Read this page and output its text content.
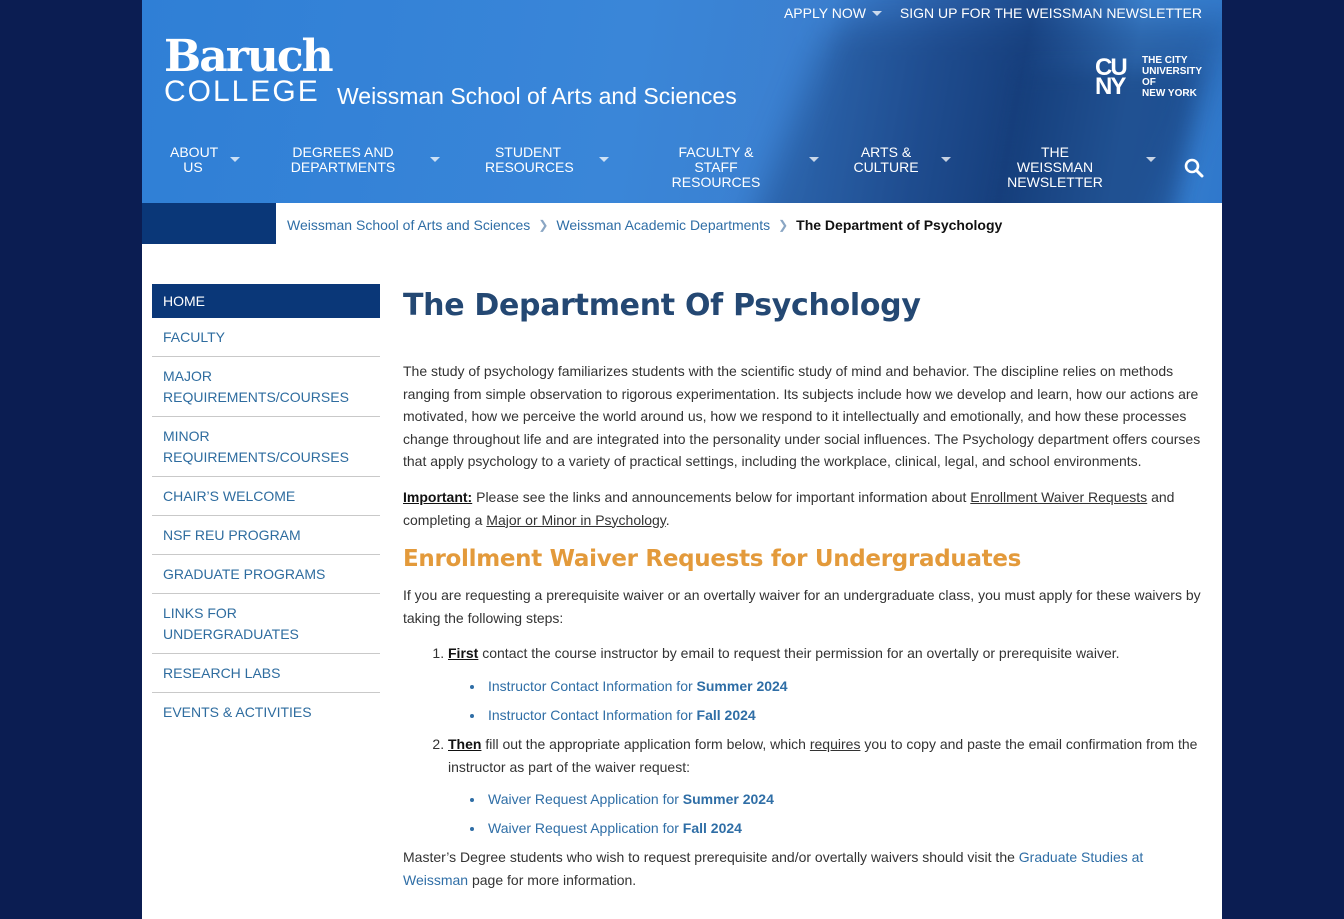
APPLY NOW SIGN UP FOR THE WEISSMAN NEWSLETTER
Baruch
COLLEGE Weissman School of Arts and Sciences
CU
NY
THE CITY
UNIVERSITY
OF
NEW YORK
ABOUT
US
DEGREES AND
DEPARTMENTS
STUDENT
RESOURCES
FACULTY & STAFF
RESOURCES
ARTS &
CULTURE
THE WEISSMAN
NEWSLETTER
Weissman School of Arts and Sciences ❯ Weissman Academic Departments ❯ The Department of Psychology
HOME
FACULTY
MAJOR
REQUIREMENTS/COURSES
MINOR
REQUIREMENTS/COURSES
CHAIR’S WELCOME
NSF REU PROGRAM
GRADUATE PROGRAMS
LINKS FOR
UNDERGRADUATES
RESEARCH LABS
EVENTS & ACTIVITIES
The Department Of Psychology

The study of psychology familiarizes students with the scientific study of mind and behavior. The discipline relies on methods ranging from simple observation to rigorous experimentation. Its subjects include how we develop and learn, how our actions are motivated, how we perceive the world around us, how we respond to it intellectually and emotionally, and how these processes change throughout life and are integrated into the personality under social influences. The Psychology department offers courses that apply psychology to a variety of practical settings, including the workplace, clinical, legal, and school environments.

Important: Please see the links and announcements below for important information about Enrollment Waiver Requests and completing a Major or Minor in Psychology.

Enrollment Waiver Requests for Undergraduates

If you are requesting a prerequisite waiver or an overtally waiver for an undergraduate class, you must apply for these waivers by taking the following steps:

1. First contact the course instructor by email to request their permission for an overtally or prerequisite waiver.
Instructor Contact Information for Summer 2024
Instructor Contact Information for Fall 2024
2. Then fill out the appropriate application form below, which requires you to copy and paste the email confirmation from the instructor as part of the waiver request:
Waiver Request Application for Summer 2024
Waiver Request Application for Fall 2024

Master’s Degree students who wish to request prerequisite and/or overtally waivers should visit the Graduate Studies at Weissman page for more information.
